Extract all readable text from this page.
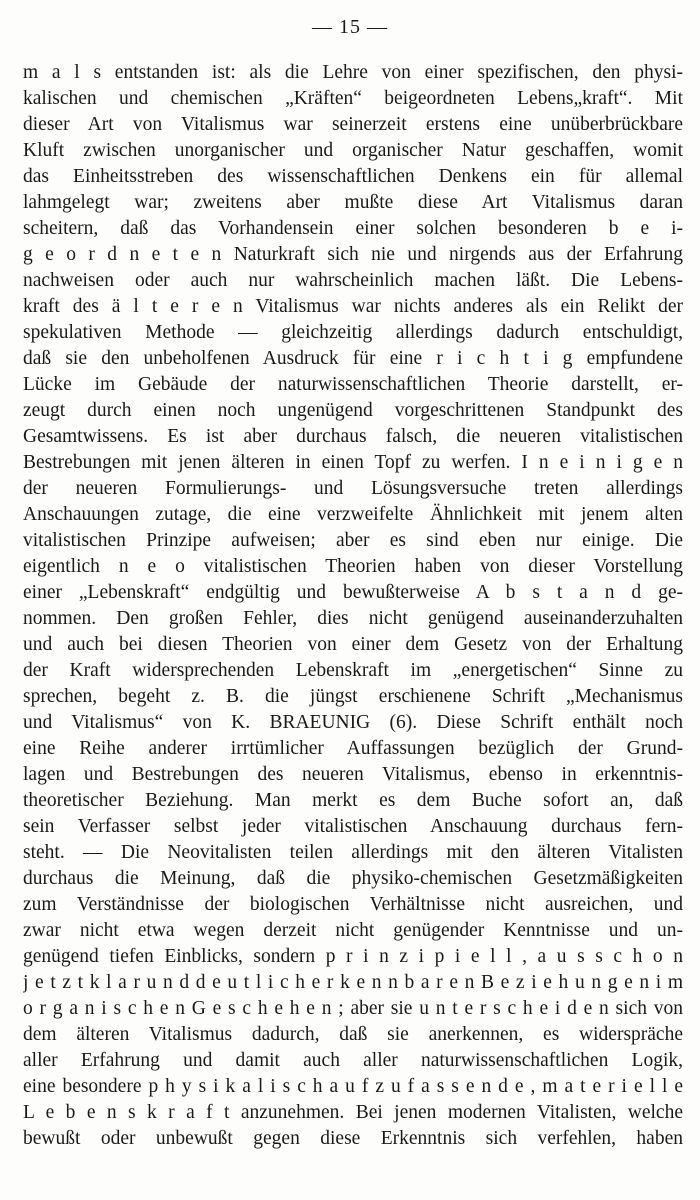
— 15 —
m a l s entstanden ist: als die Lehre von einer spezifischen, den physi-
kalischen und chemischen „Kräften“ beigeordneten Lebens„kraft“. Mit
dieser Art von Vitalismus war seinerzeit erstens eine unüberbrückbare
Kluft zwischen unorganischer und organischer Natur geschaffen, womit
das Einheitsstreben des wissenschaftlichen Denkens ein für allemal
lahmgelegt war; zweitens aber mußte diese Art Vitalismus daran
scheitern, daß das Vorhandensein einer solchen besonderen b e i-
g e o r d n e t e n Naturkraft sich nie und nirgends aus der Erfahrung
nachweisen oder auch nur wahrscheinlich machen läßt. Die Lebens-
kraft des ä l t e r e n Vitalismus war nichts anderes als ein Relikt der
spekulativen Methode — gleichzeitig allerdings dadurch entschuldigt,
daß sie den unbeholfenen Ausdruck für eine r i c h t i g empfundene
Lücke im Gebäude der naturwissenschaftlichen Theorie darstellt, er-
zeugt durch einen noch ungenügend vorgeschrittenen Standpunkt des
Gesamtwissens. Es ist aber durchaus falsch, die neueren vitalistischen
Bestrebungen mit jenen älteren in einen Topf zu werfen. I n e i n i g e n
der neueren Formulierungs- und Lösungsversuche treten allerdings
Anschauungen zutage, die eine verzweifelte Ähnlichkeit mit jenem alten
vitalistischen Prinzipe aufweisen; aber es sind eben nur einige. Die
eigentlich n e o vitalistischen Theorien haben von dieser Vorstellung
einer „Lebenskraft“ endgültig und bewußterweise A b s t a n d ge-
nommen. Den großen Fehler, dies nicht genügend auseinanderzuhalten
und auch bei diesen Theorien von einer dem Gesetz von der Erhaltung
der Kraft widersprechenden Lebenskraft im „energetischen“ Sinne zu
sprechen, begeht z. B. die jüngst erschienene Schrift „Mechanismus
und Vitalismus“ von K. BRAEUNIG (6). Diese Schrift enthält noch
eine Reihe anderer irrtümlicher Auffassungen bezüglich der Grund-
lagen und Bestrebungen des neueren Vitalismus, ebenso in erkenntnis-
theoretischer Beziehung. Man merkt es dem Buche sofort an, daß
sein Verfasser selbst jeder vitalistischen Anschauung durchaus fern-
steht. — Die Neovitalisten teilen allerdings mit den älteren Vitalisten
durchaus die Meinung, daß die physiko-chemischen Gesetzmäßigkeiten
zum Verständnisse der biologischen Verhältnisse nicht ausreichen, und
zwar nicht etwa wegen derzeit nicht genügender Kenntnisse und un-
genügend tiefen Einblicks, sondern p r i n z i p i e l l , a u s s c h o n
j e t z t k l a r u n d d e u t l i c h e r k e n n b a r e n B e z i e h u n g e n i m
o r g a n i s c h e n G e s c h e h e n ; aber sie u n t e r s c h e i d e n sich von
dem älteren Vitalismus dadurch, daß sie anerkennen, es widerspräche
aller Erfahrung und damit auch aller naturwissenschaftlichen Logik,
eine besondere p h y s i k a l i s c h a u f z u f a s s e n d e , m a t e r i e l l e
L e b e n s k r a f t anzunehmen. Bei jenen modernen Vitalisten, welche
bewußt oder unbewußt gegen diese Erkenntnis sich verfehlen, haben
